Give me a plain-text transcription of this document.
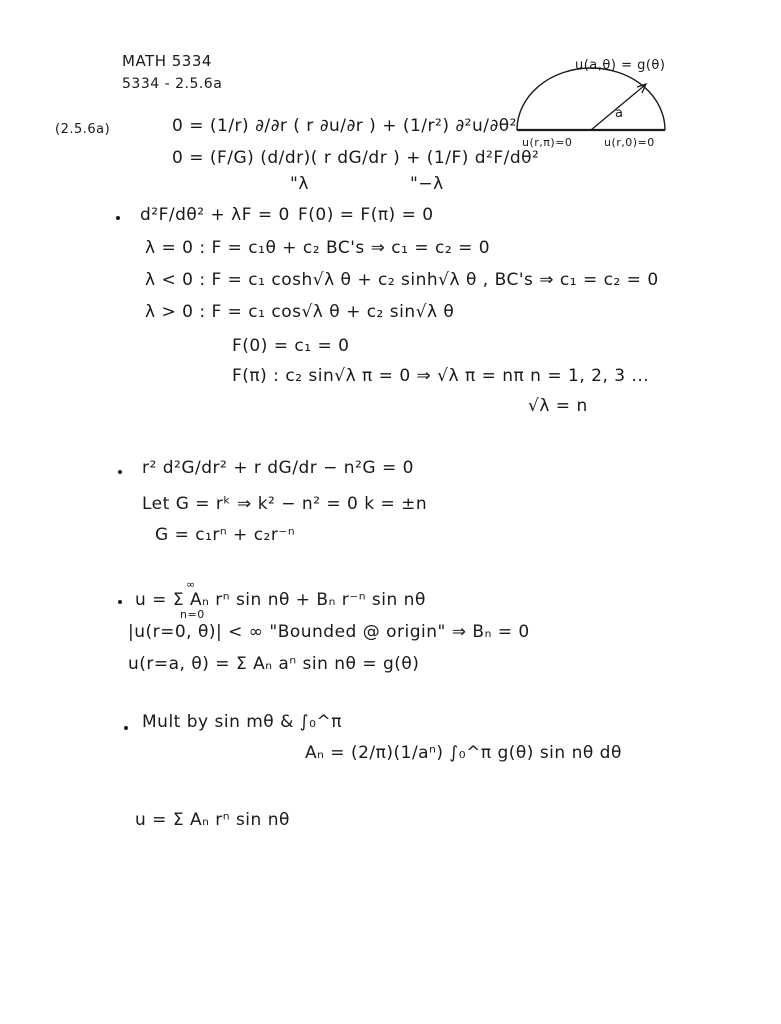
MATH 5334
5334 - 2.5.6a
(2.5.6a)
u(a,θ) = g(θ)
a
u(r,π)=0	u(r,0)=0
0 = (1/r) ∂/∂r ( r ∂u/∂r ) + (1/r²) ∂²u/∂θ²
0 = (F/G) (d/dr)( r dG/dr ) + (1/F) d²F/dθ²
"λ	"−λ
d²F/dθ² + λF = 0 F(0) = F(π) = 0
λ = 0 : F = c₁θ + c₂ BC's ⇒ c₁ = c₂ = 0
λ < 0 : F = c₁ cosh√λ θ + c₂ sinh√λ θ , BC's ⇒ c₁ = c₂ = 0
λ > 0 : F = c₁ cos√λ θ + c₂ sin√λ θ
F(0) = c₁ = 0
F(π) : c₂ sin√λ π = 0 ⇒ √λ π = nπ n = 1, 2, 3 ...
√λ = n
r² d²G/dr² + r dG/dr − n²G = 0
Let G = rᵏ ⇒ k² − n² = 0 k = ±n
G = c₁rⁿ + c₂r⁻ⁿ
∞
u = Σ Aₙ rⁿ sin nθ + Bₙ r⁻ⁿ sin nθ
n=0
|u(r=0, θ)| < ∞ "Bounded @ origin" ⇒ Bₙ = 0
u(r=a, θ) = Σ Aₙ aⁿ sin nθ = g(θ)
Mult by sin mθ & ∫₀^π
Aₙ = (2/π)(1/aⁿ) ∫₀^π g(θ) sin nθ dθ
u = Σ Aₙ rⁿ sin nθ
